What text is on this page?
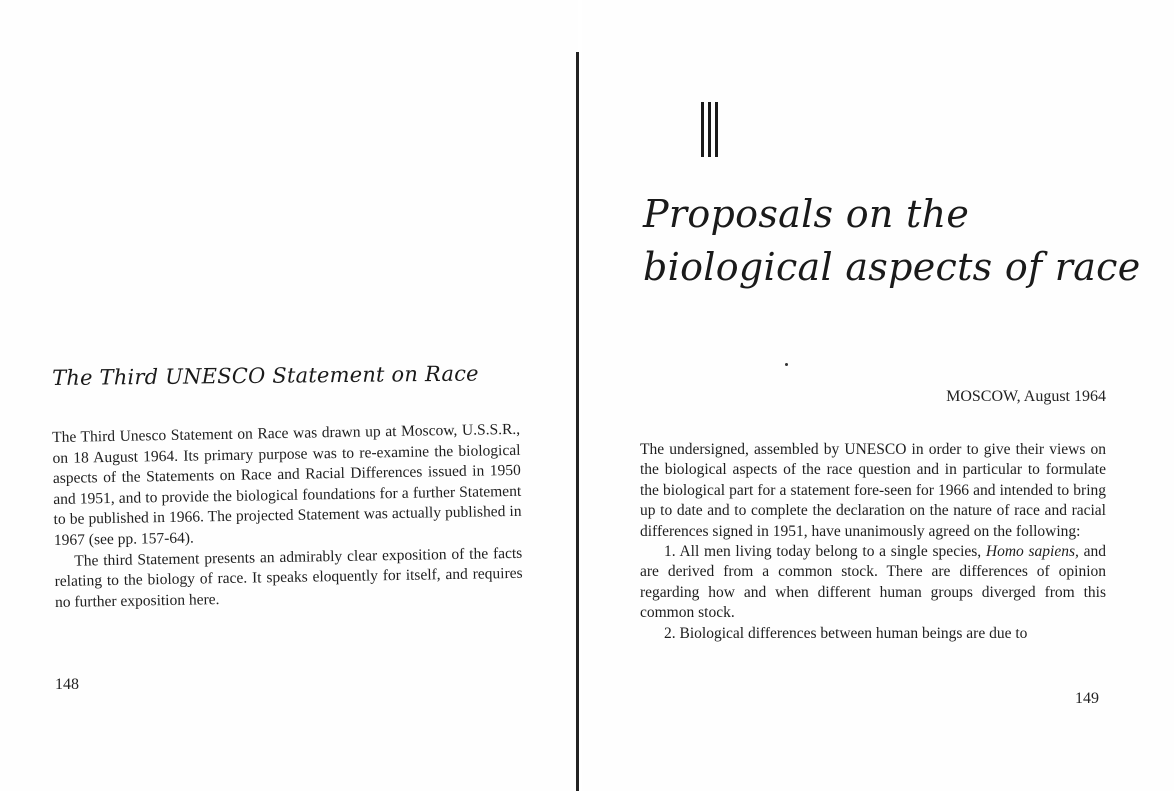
The Third UNESCO Statement on Race

The Third Unesco Statement on Race was drawn up at Moscow, U.S.S.R., on 18 August 1964. Its primary purpose was to re-examine the biological aspects of the Statements on Race and Racial Differences issued in 1950 and 1951, and to provide the biological foundations for a further Statement to be published in 1966. The projected Statement was actually published in 1967 (see pp. 157-64).

The third Statement presents an admirably clear exposition of the facts relating to the biology of race. It speaks eloquently for itself, and requires no further exposition here.

148
Proposals on the
biological aspects of race
MOSCOW, August 1964

The undersigned, assembled by UNESCO in order to give their views on the biological aspects of the race question and in particular to formulate the biological part for a statement fore-seen for 1966 and intended to bring up to date and to complete the declaration on the nature of race and racial differences signed in 1951, have unanimously agreed on the following:

1. All men living today belong to a single species, Homo sapiens, and are derived from a common stock. There are differences of opinion regarding how and when different human groups diverged from this common stock.

2. Biological differences between human beings are due to

149
